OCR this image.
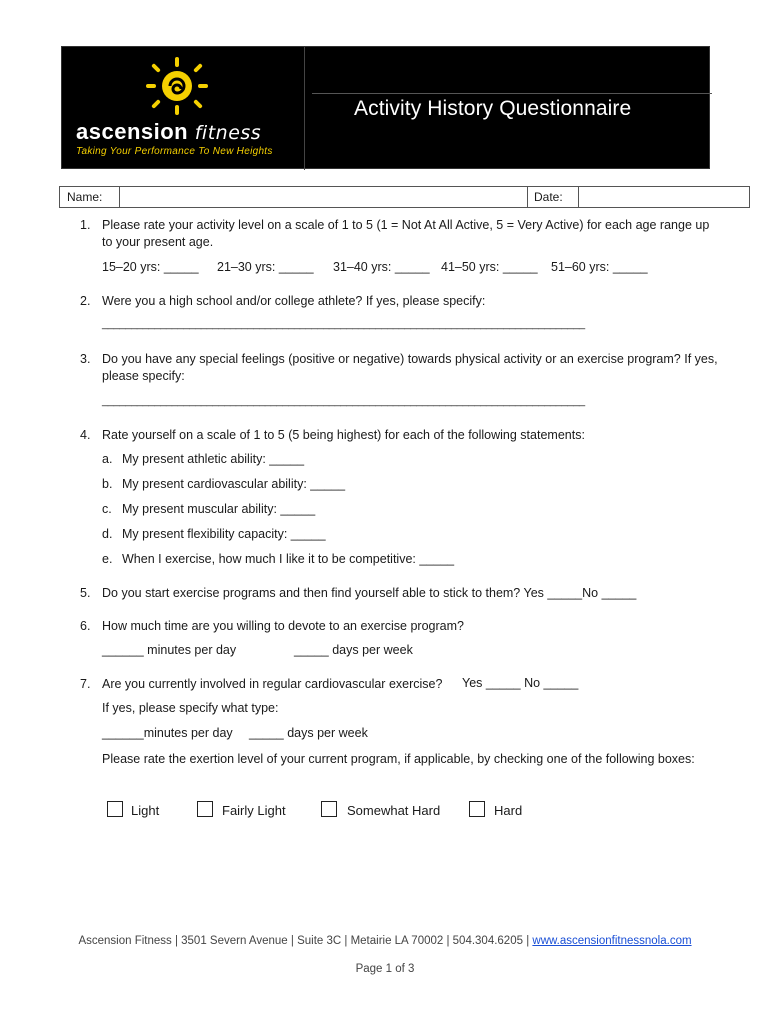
ascension fitness
Taking Your Performance To New Heights
Activity History Questionnaire
Name:	Date:
1. Please rate your activity level on a scale of 1 to 5 (1 = Not At All Active, 5 = Very Active) for each age range up to your present age.
15–20 yrs: _____ 21–30 yrs: _____ 31–40 yrs: _____ 41–50 yrs: _____ 51–60 yrs: _____
2. Were you a high school and/or college athlete? If yes, please specify:
___________________________________________________________________________________
3. Do you have any special feelings (positive or negative) towards physical activity or an exercise program? If yes, please specify:
___________________________________________________________________________________
4. Rate yourself on a scale of 1 to 5 (5 being highest) for each of the following statements:
a. My present athletic ability: _____
b. My present cardiovascular ability: _____
c. My present muscular ability: _____
d. My present flexibility capacity: _____
e. When I exercise, how much I like it to be competitive: _____
5. Do you start exercise programs and then find yourself able to stick to them? Yes _____No _____
6. How much time are you willing to devote to an exercise program?
______ minutes per day	_____ days per week
7. Are you currently involved in regular cardiovascular exercise?	Yes _____ No _____
If yes, please specify what type:
______minutes per day _____ days per week
Please rate the exertion level of your current program, if applicable, by checking one of the following boxes:
Light	Fairly Light	Somewhat Hard	Hard
Ascension Fitness | 3501 Severn Avenue | Suite 3C | Metairie LA 70002 | 504.304.6205 | www.ascensionfitnessnola.com
Page 1 of 3
